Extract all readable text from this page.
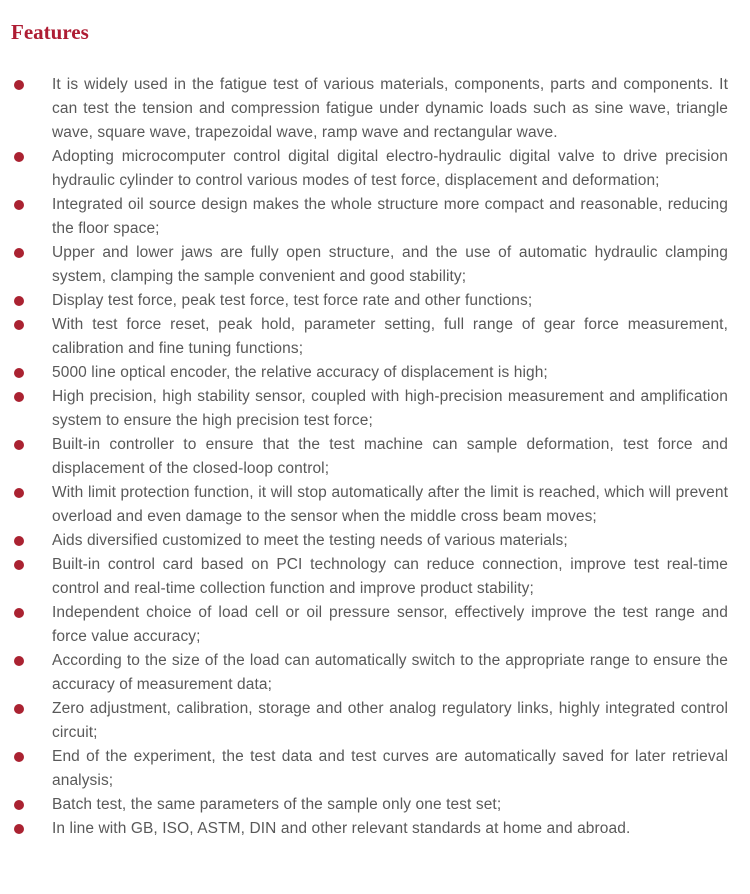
Features
It is widely used in the fatigue test of various materials, components, parts and components. It can test the tension and compression fatigue under dynamic loads such as sine wave, triangle wave, square wave, trapezoidal wave, ramp wave and rectangular wave.
Adopting microcomputer control digital digital electro-hydraulic digital valve to drive precision hydraulic cylinder to control various modes of test force, displacement and deformation;
Integrated oil source design makes the whole structure more compact and reasonable, reducing the floor space;
Upper and lower jaws are fully open structure, and the use of automatic hydraulic clamping system, clamping the sample convenient and good stability;
Display test force, peak test force, test force rate and other functions;
With test force reset, peak hold, parameter setting, full range of gear force measurement, calibration and fine tuning functions;
5000 line optical encoder, the relative accuracy of displacement is high;
High precision, high stability sensor, coupled with high-precision measurement and amplification system to ensure the high precision test force;
Built-in controller to ensure that the test machine can sample deformation, test force and displacement of the closed-loop control;
With limit protection function, it will stop automatically after the limit is reached, which will prevent overload and even damage to the sensor when the middle cross beam moves;
Aids diversified customized to meet the testing needs of various materials;
Built-in control card based on PCI technology can reduce connection, improve test real-time control and real-time collection function and improve product stability;
Independent choice of load cell or oil pressure sensor, effectively improve the test range and force value accuracy;
According to the size of the load can automatically switch to the appropriate range to ensure the accuracy of measurement data;
Zero adjustment, calibration, storage and other analog regulatory links, highly integrated control circuit;
End of the experiment, the test data and test curves are automatically saved for later retrieval analysis;
Batch test, the same parameters of the sample only one test set;
In line with GB, ISO, ASTM, DIN and other relevant standards at home and abroad.
